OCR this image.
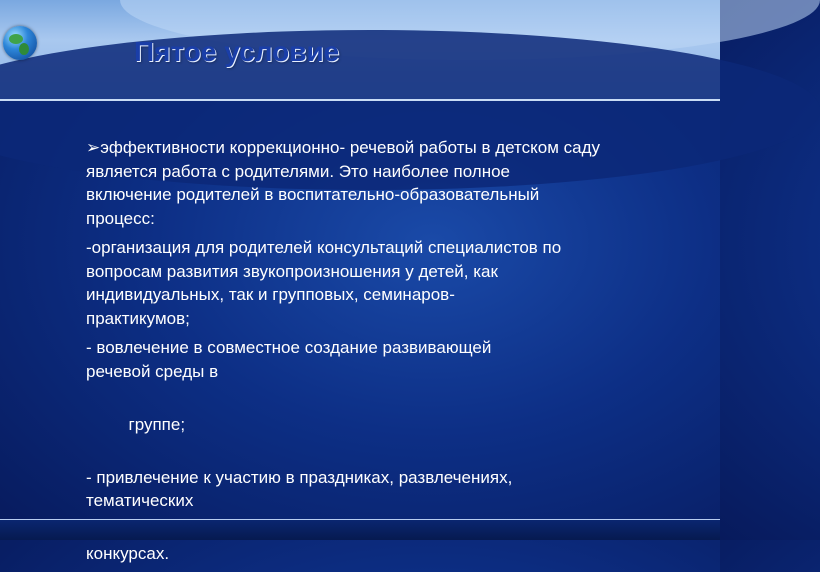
Пятое условие
➢эффективности коррекционно- речевой работы в детском саду
является работа с родителями. Это наиболее полное
включение родителей в воспитательно-образовательный
процесс:
-организация для родителей консультаций специалистов по
вопросам развития звукопроизношения у детей, как
индивидуальных, так и групповых, семинаров-
практикумов;
- вовлечение в совместное создание развивающей
речевой среды в

группе;

- привлечение к участию в праздниках, развлечениях,
тематических

конкурсах.
